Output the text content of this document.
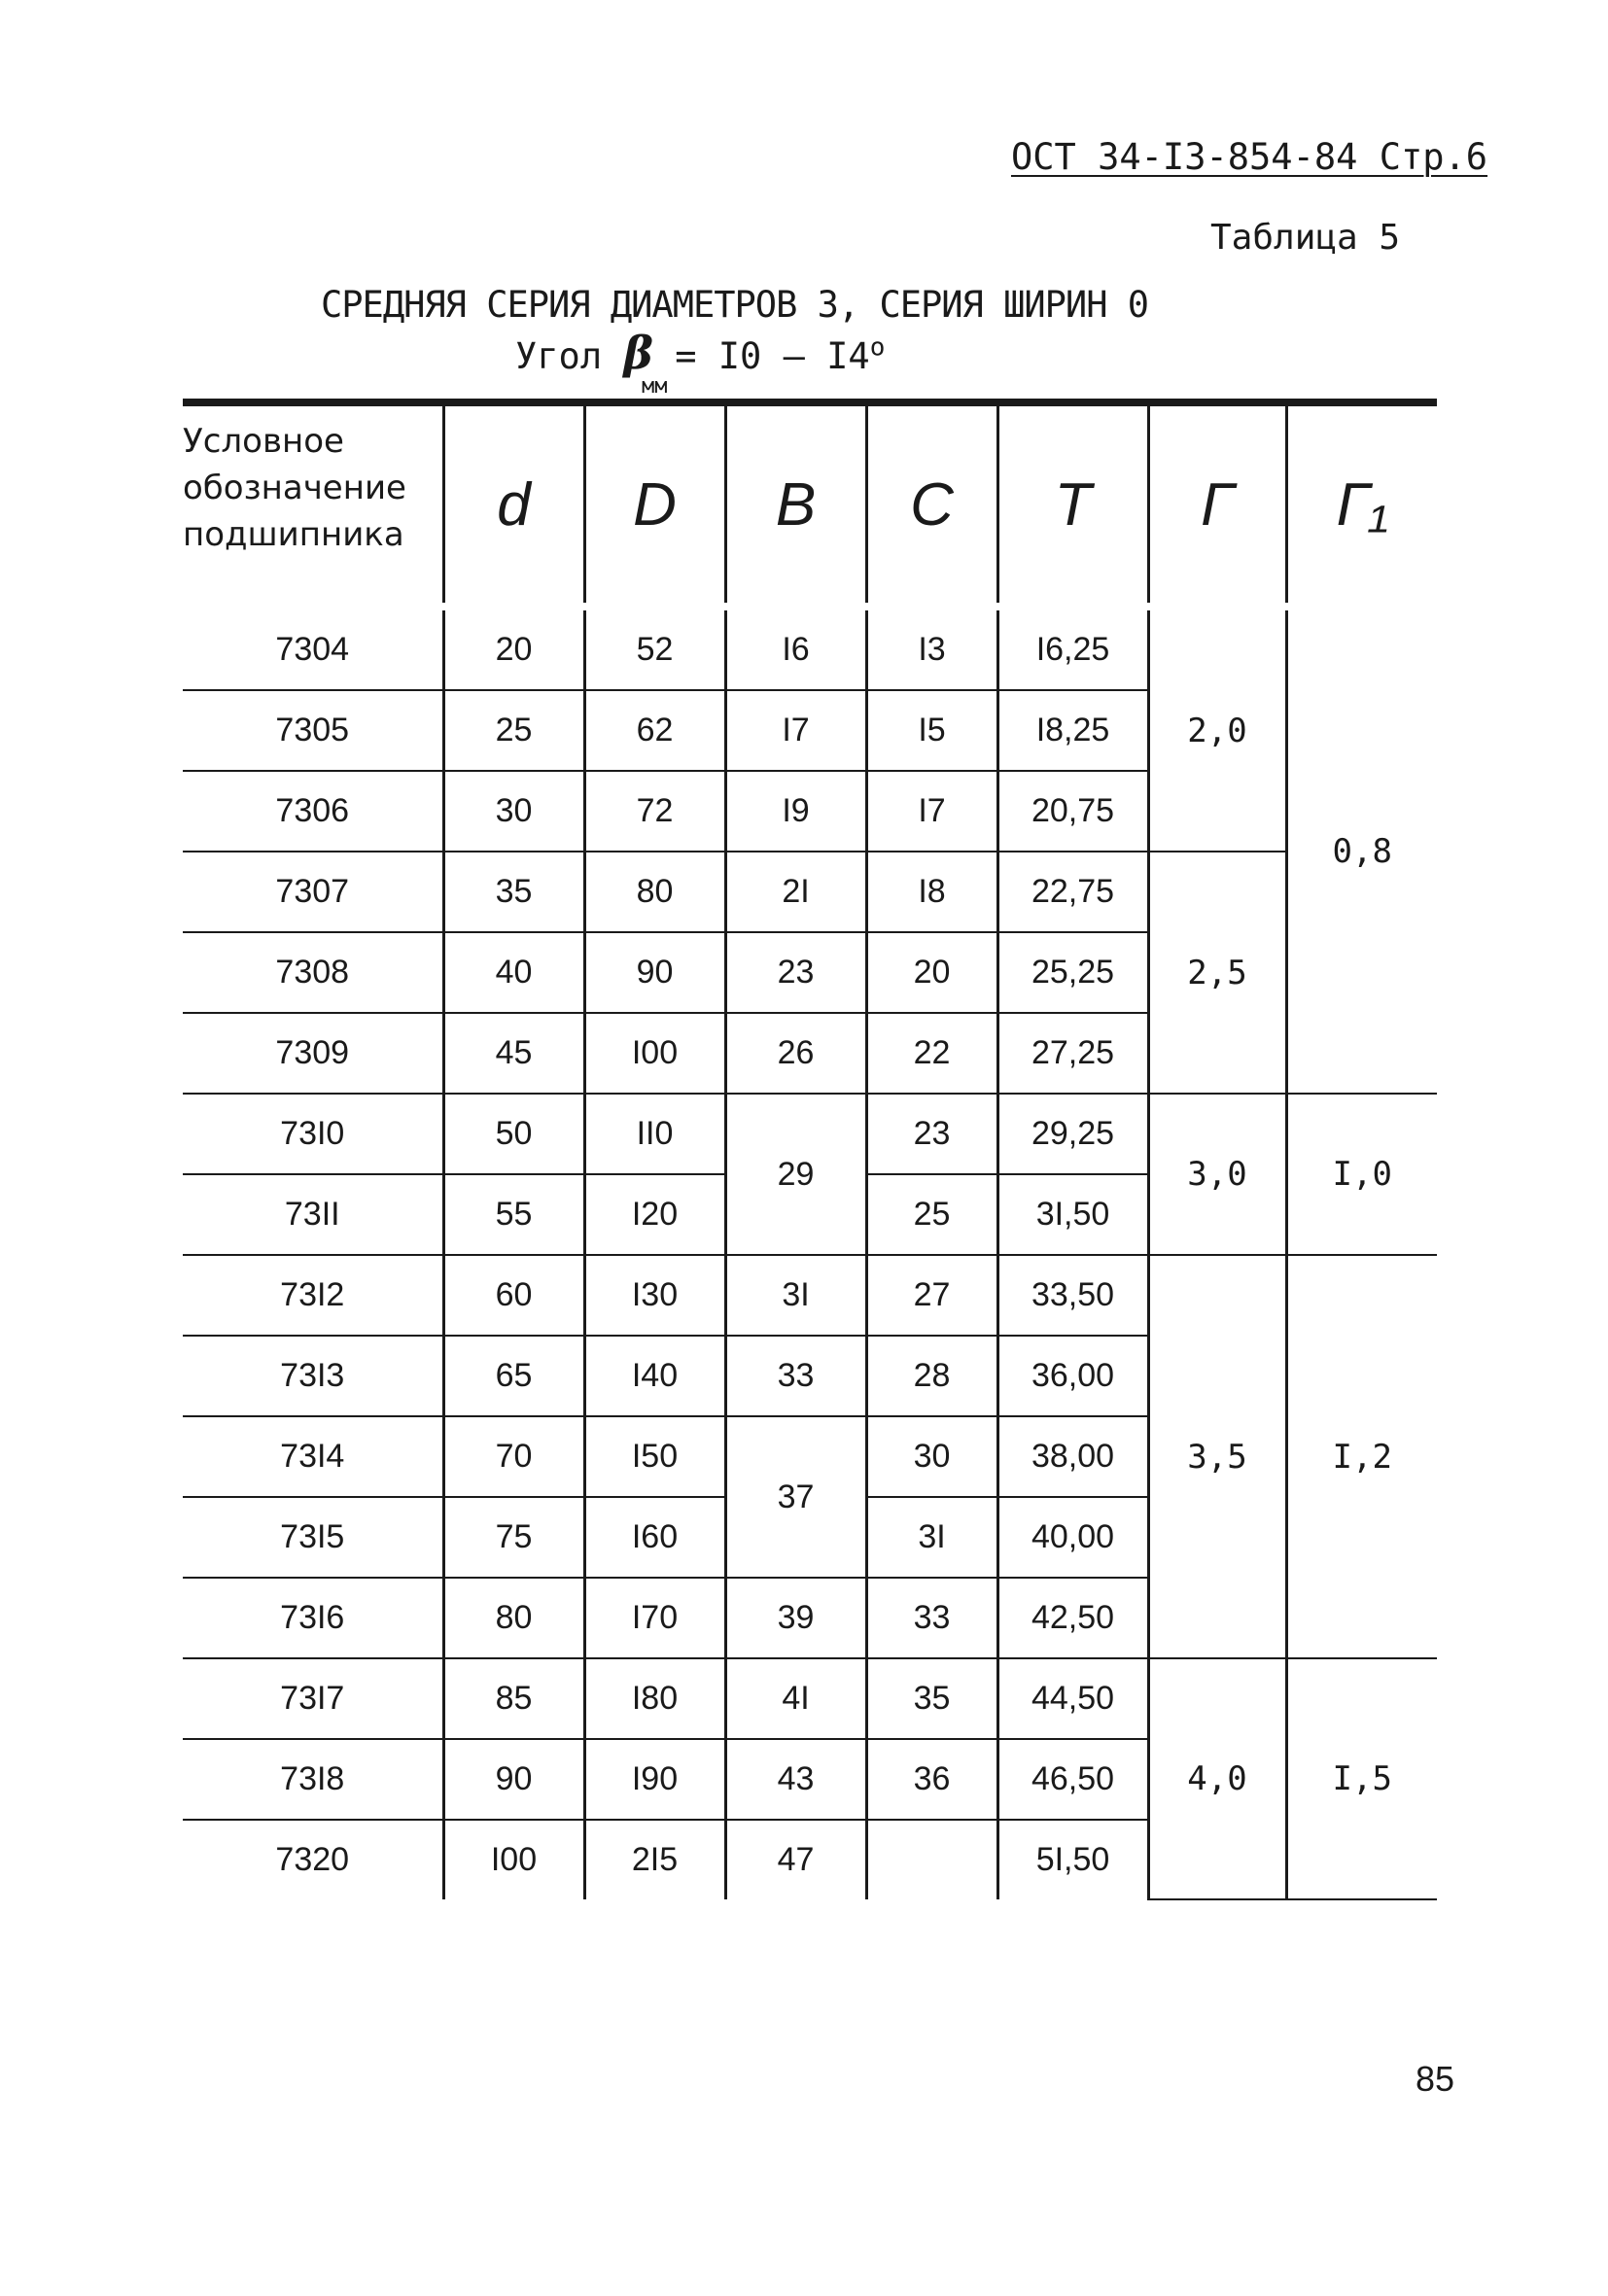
ОСТ 34-I3-854-84 Стр.6
Таблица 5
СРЕДНЯЯ СЕРИЯ ДИАМЕТРОВ 3, СЕРИЯ ШИРИН 0
Угол β = I0 — $I4^о$
мм
Условное обозначение подшипника	d	D	B	C	T	Г	Г₁
7304	20	52	I6	I3	I6,25	2,0	0,8
7305	25	62	I7	I5	I8,25		
7306	30	72	I9	I7	20,75		
7307	35	80	2I	I8	22,75	2,5	
7308	40	90	23	20	25,25		
7309	45	I00	26	22	27,25		
73I0	50	II0	29	23	29,25	3,0	I,0
73II	55	I20		25	3I,50		
73I2	60	I30	3I	27	33,50	3,5	I,2
73I3	65	I40	33	28	36,00		
73I4	70	I50	37	30	38,00		
73I5	75	I60		3I	40,00		
73I6	80	I70	39	33	42,50		
73I7	85	I80	4I	35	44,50	4,0	I,5
73I8	90	I90	43	36	46,50		
7320	I00	2I5	47		5I,50		
85
